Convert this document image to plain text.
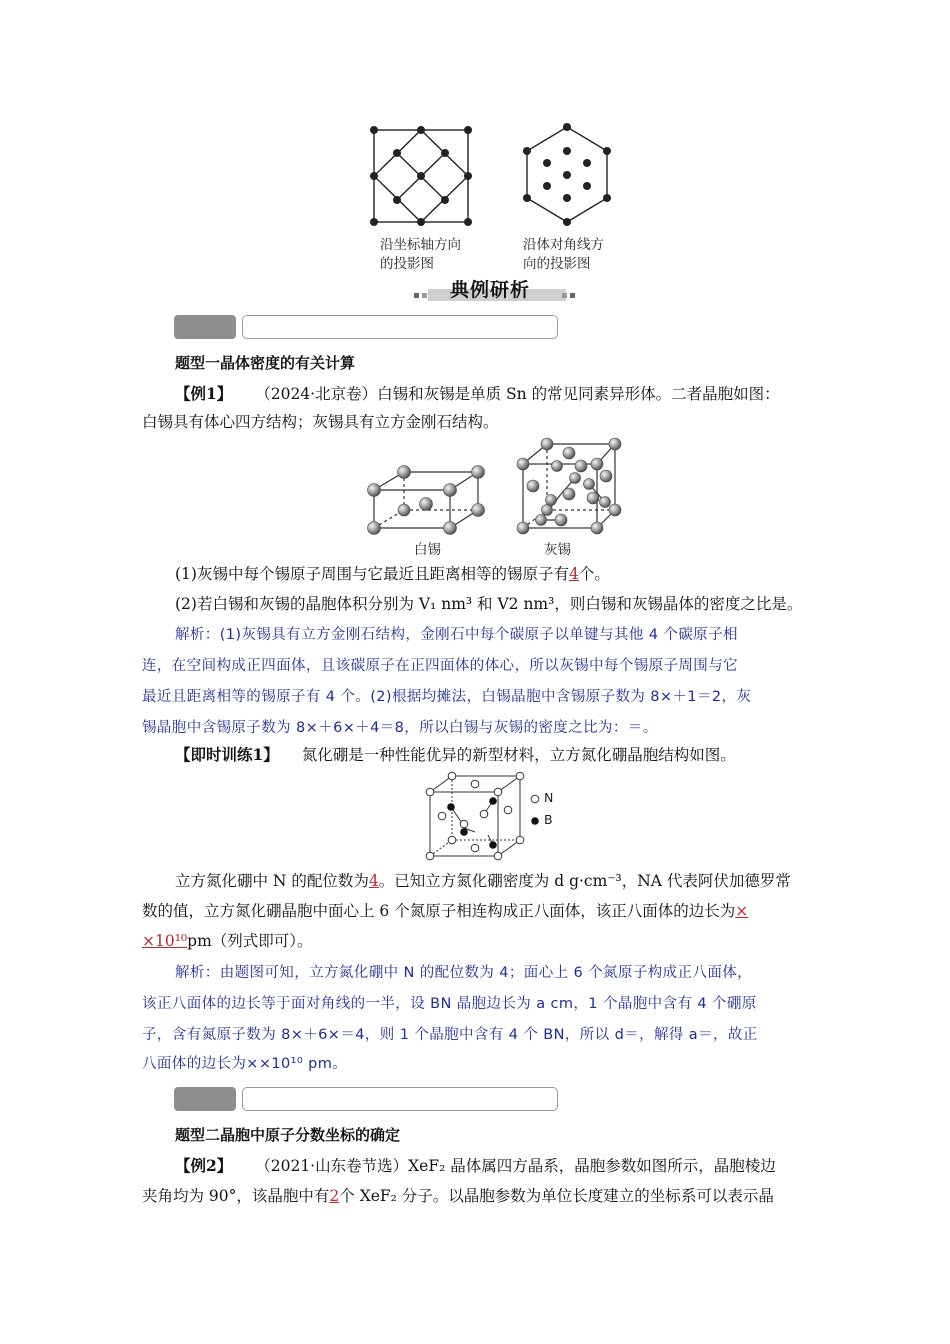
沿坐标轴方向
的投影图
沿体对角线方
向的投影图
典例研析
题型一晶体密度的有关计算
【例1】 （2024·北京卷）白锡和灰锡是单质 Sn 的常见同素异形体。二者晶胞如图：
白锡具有体心四方结构；灰锡具有立方金刚石结构。
白锡	灰锡
(1)灰锡中每个锡原子周围与它最近且距离相等的锡原子有4个。
(2)若白锡和灰锡的晶胞体积分别为 V₁ nm³ 和 V2 nm³，则白锡和灰锡晶体的密度之比是。
解析：(1)灰锡具有立方金刚石结构，金刚石中每个碳原子以单键与其他 4 个碳原子相
连，在空间构成正四面体，且该碳原子在正四面体的体心，所以灰锡中每个锡原子周围与它
最近且距离相等的锡原子有 4 个。(2)根据均摊法，白锡晶胞中含锡原子数为 8×＋1＝2，灰
锡晶胞中含锡原子数为 8×＋6×＋4＝8，所以白锡与灰锡的密度之比为：＝。
【即时训练1】 氮化硼是一种性能优异的新型材料，立方氮化硼晶胞结构如图。
N
B
立方氮化硼中 N 的配位数为4。已知立方氮化硼密度为 d g·cm⁻³，NA 代表阿伏加德罗常
数的值，立方氮化硼晶胞中面心上 6 个氮原子相连构成正八面体，该正八面体的边长为×
×10¹⁰pm（列式即可）。
解析：由题图可知，立方氮化硼中 N 的配位数为 4；面心上 6 个氮原子构成正八面体，
该正八面体的边长等于面对角线的一半，设 BN 晶胞边长为 a cm，1 个晶胞中含有 4 个硼原
子，含有氮原子数为 8×＋6×＝4，则 1 个晶胞中含有 4 个 BN，所以 d＝，解得 a＝，故正
八面体的边长为××10¹⁰ pm。
题型二晶胞中原子分数坐标的确定
【例2】 （2021·山东卷节选）XeF₂ 晶体属四方晶系，晶胞参数如图所示，晶胞棱边
夹角均为 90°，该晶胞中有2个 XeF₂ 分子。以晶胞参数为单位长度建立的坐标系可以表示晶
